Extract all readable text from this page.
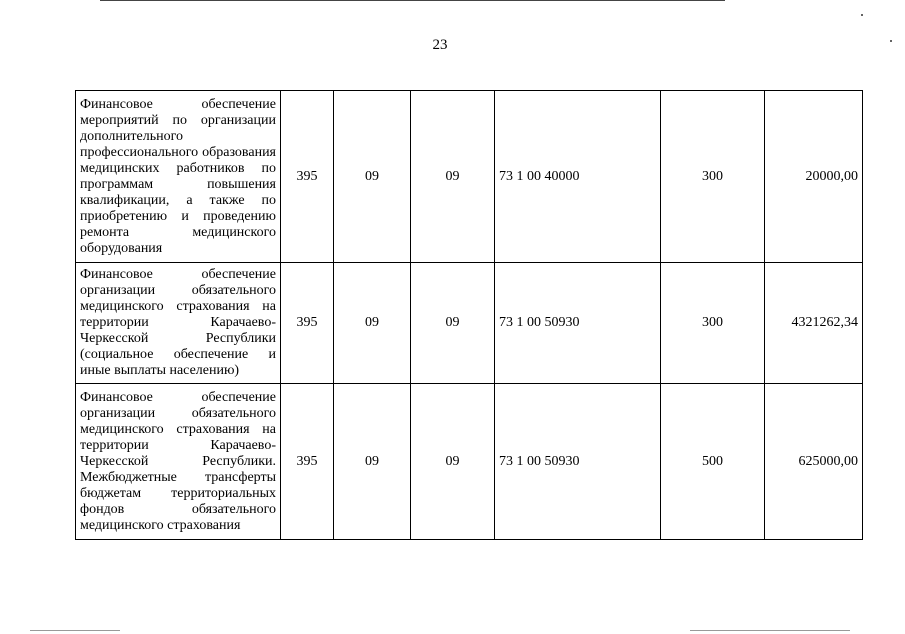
23
Финансовое обеспечение мероприятий по организации дополнительного профессионального образования медицинских работников по программам повышения квалификации, а также по приобретению и проведению ремонта медицинского оборудования	395	09	09	73 1 00 40000	300	20000,00
Финансовое обеспечение организации обязательного медицинского страхования на территории Карачаево-Черкесской Республики (социальное обеспечение и иные выплаты населению)	395	09	09	73 1 00 50930	300	4321262,34
Финансовое обеспечение организации обязательного медицинского страхования на территории Карачаево-Черкесской Республики. Межбюджетные трансферты бюджетам территориальных фондов обязательного медицинского страхования	395	09	09	73 1 00 50930	500	625000,00
